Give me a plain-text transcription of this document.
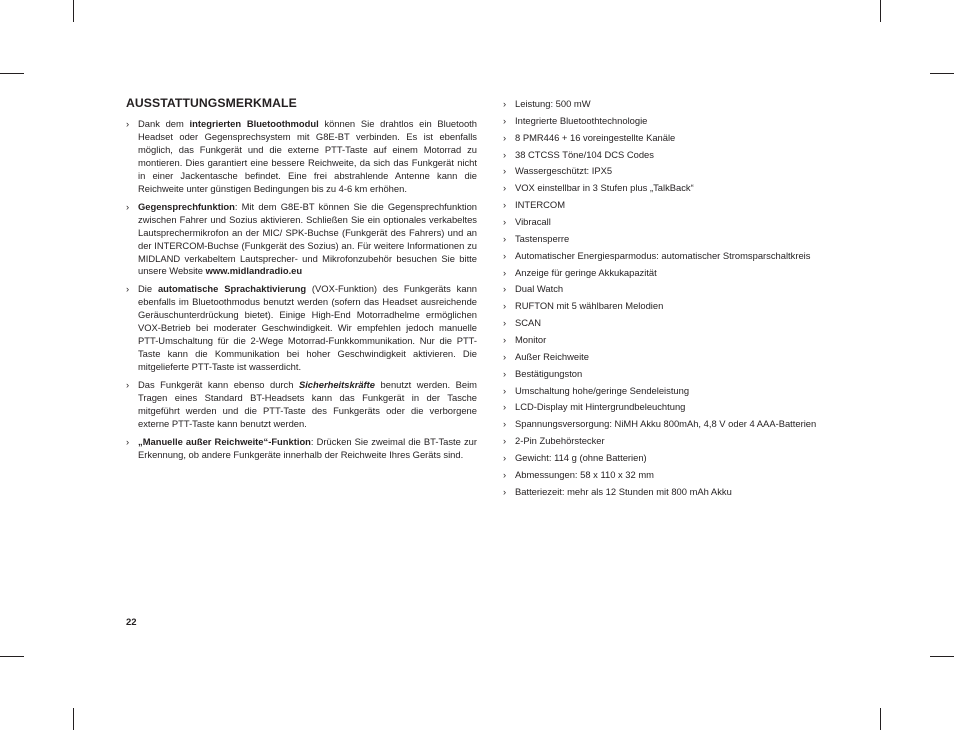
AUSSTATTUNGSMERKMALE

› Dank dem integrierten Bluetoothmodul können Sie drahtlos ein Bluetooth Headset oder Gegensprechsystem mit G8E-BT verbinden. Es ist ebenfalls möglich, das Funkgerät und die externe PTT-Taste auf einem Motorrad zu montieren. Dies garantiert eine bessere Reichweite, da sich das Funkgerät nicht in einer Jackentasche befindet. Eine frei abstrahlende Antenne kann die Reichweite unter günstigen Bedingungen bis zu 4-6 km erhöhen.

› Gegensprechfunktion: Mit dem G8E-BT können Sie die Gegensprechfunktion zwischen Fahrer und Sozius aktivieren. Schließen Sie ein optionales verkabeltes Lautsprechermikrofon an der MIC/ SPK-Buchse (Funkgerät des Fahrers) und an der INTERCOM-Buchse (Funkgerät des Sozius) an. Für weitere Informationen zu MIDLAND verkabeltem Lautsprecher- und Mikrofonzubehör besuchen Sie bitte unsere Website www.midlandradio.eu

› Die automatische Sprachaktivierung (VOX-Funktion) des Funkgeräts kann ebenfalls im Bluetoothmodus benutzt werden (sofern das Headset ausreichende Geräuschunterdrückung bietet). Einige High-End Motorradhelme ermöglichen VOX-Betrieb bei moderater Geschwindigkeit. Wir empfehlen jedoch manuelle PTT-Umschaltung für die 2-Wege Motorrad-Funkkommunikation. Nur die PTT-Taste kann die Kommunikation bei hoher Geschwindigkeit aktivieren. Die mitgelieferte PTT-Taste ist wasserdicht.

› Das Funkgerät kann ebenso durch Sicherheitskräfte benutzt werden. Beim Tragen eines Standard BT-Headsets kann das Funkgerät in der Tasche mitgeführt werden und die PTT-Taste des Funkgeräts oder die verborgene externe PTT-Taste kann benutzt werden.

› „Manuelle außer Reichweite“-Funktion: Drücken Sie zweimal die BT-Taste zur Erkennung, ob andere Funkgeräte innerhalb der Reichweite Ihres Geräts sind.

› Leistung: 500 mW
› Integrierte Bluetoothtechnologie
› 8 PMR446 + 16 voreingestellte Kanäle
› 38 CTCSS Töne/104 DCS Codes
› Wassergeschützt: IPX5
› VOX einstellbar in 3 Stufen plus „TalkBack“
› INTERCOM
› Vibracall
› Tastensperre
› Automatischer Energiesparmodus: automatischer Stromsparschaltkreis
› Anzeige für geringe Akkukapazität
› Dual Watch
› RUFTON mit 5 wählbaren Melodien
› SCAN
› Monitor
› Außer Reichweite
› Bestätigungston
› Umschaltung hohe/geringe Sendeleistung
› LCD-Display mit Hintergrundbeleuchtung
› Spannungsversorgung: NiMH Akku 800mAh, 4,8 V oder 4 AAA-Batterien
› 2-Pin Zubehörstecker
› Gewicht: 114 g (ohne Batterien)
› Abmessungen: 58 x 110 x 32 mm
› Batteriezeit: mehr als 12 Stunden mit 800 mAh Akku
22
